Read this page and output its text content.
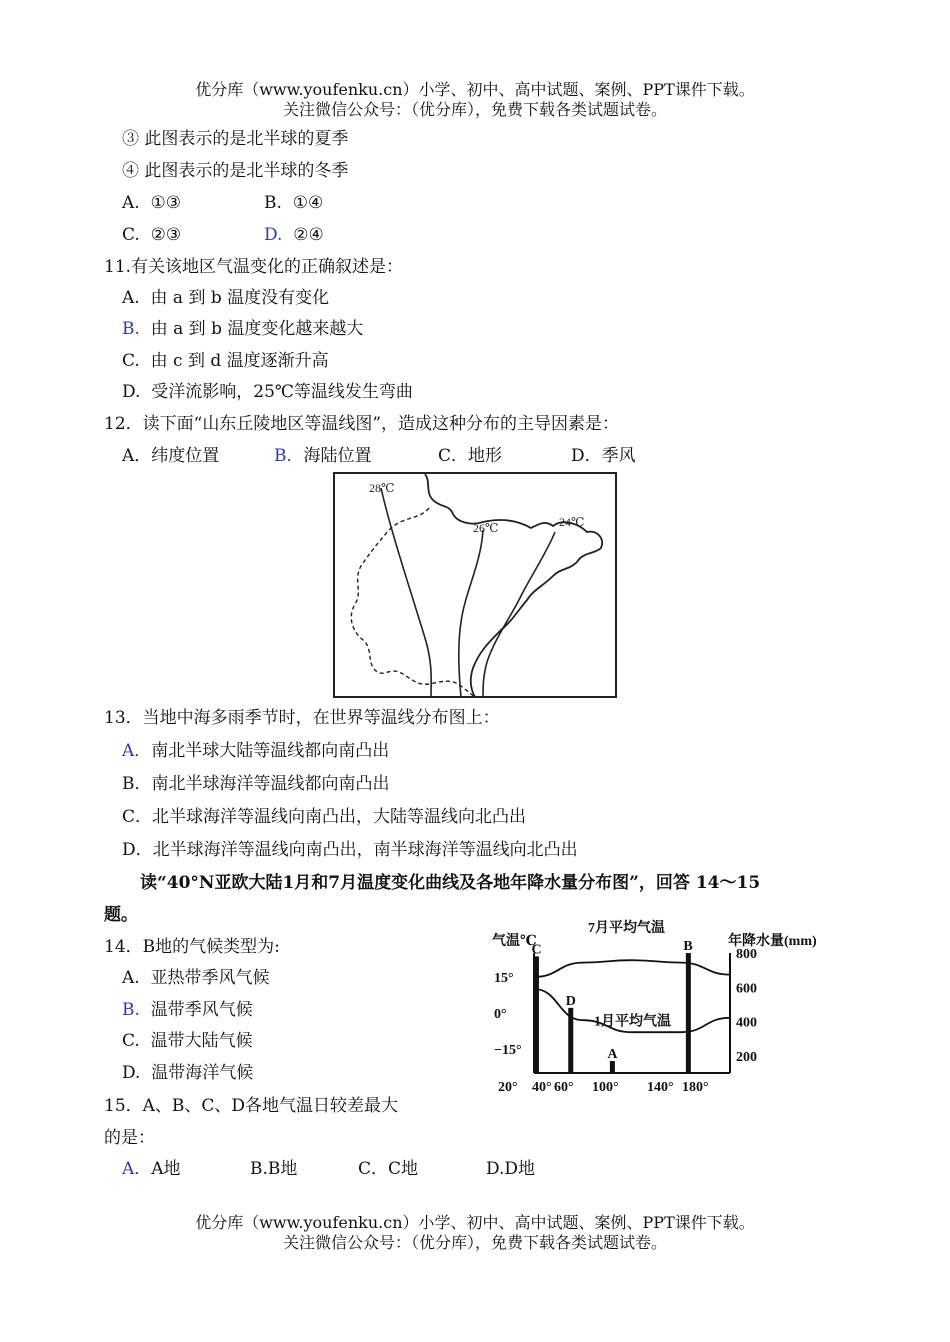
优分库（www.youfenku.cn）小学、初中、高中试题、案例、PPT课件下载。
关注微信公众号：（优分库），免费下载各类试题试卷。
③ 此图表示的是北半球的夏季
④ 此图表示的是北半球的冬季
A. ①③	B. ①④
C. ②③	D. ②④
11.有关该地区气温变化的正确叙述是：
A. 由 a 到 b 温度没有变化
B. 由 a 到 b 温度变化越来越大
C. 由 c 到 d 温度逐渐升高
D. 受洋流影响，25℃等温线发生弯曲
12．读下面“山东丘陵地区等温线图”，造成这种分布的主导因素是：
A．纬度位置	B．海陆位置	C．地形	D．季风
28℃
26℃	24℃
13．当地中海多雨季节时，在世界等温线分布图上：
A．南北半球大陆等温线都向南凸出
B．南北半球海洋等温线都向南凸出
C．北半球海洋等温线向南凸出，大陆等温线向北凸出
D．北半球海洋等温线向南凸出，南半球海洋等温线向北凸出
读“40°N亚欧大陆1月和7月温度变化曲线及各地年降水量分布图”，回答 14～15
题。
14．B地的气候类型为:
A. 亚热带季风气候
B. 温带季风气候
C. 温带大陆气候
D. 温带海洋气候
15．A、B、C、D各地气温日较差最大
的是：
A．A地	B.B地	C．C地	D.D地
7月平均气温
气温℃	年降水量(mm)
20° 40° 60° 100° 140° 180°
15°
0°
−15°
800
600
400
200
1月平均气温
C
D
A
B
优分库（www.youfenku.cn）小学、初中、高中试题、案例、PPT课件下载。
关注微信公众号：（优分库），免费下载各类试题试卷。
